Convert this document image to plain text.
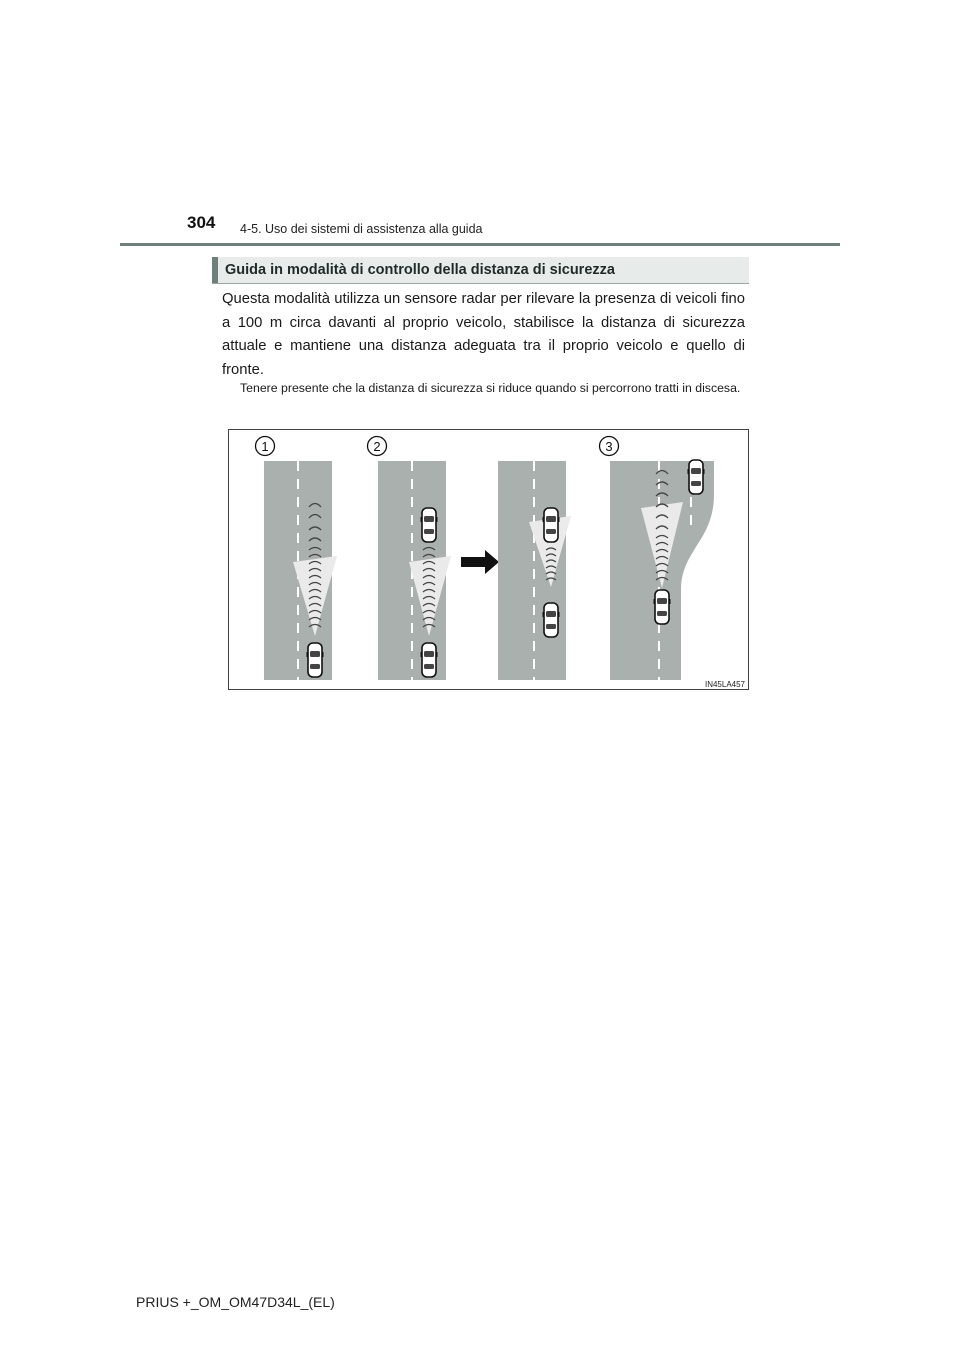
304 4-5. Uso dei sistemi di assistenza alla guida
Guida in modalità di controllo della distanza di sicurezza
Questa modalità utilizza un sensore radar per rilevare la presenza di veicoli fino a 100 m circa davanti al proprio veicolo, stabilisce la distanza di sicurezza attuale e mantiene una distanza adeguata tra il proprio veicolo e quello di fronte.
Tenere presente che la distanza di sicurezza si riduce quando si percorrono tratti in discesa.
1	2	3
IN45LA457
PRIUS +_OM_OM47D34L_(EL)
